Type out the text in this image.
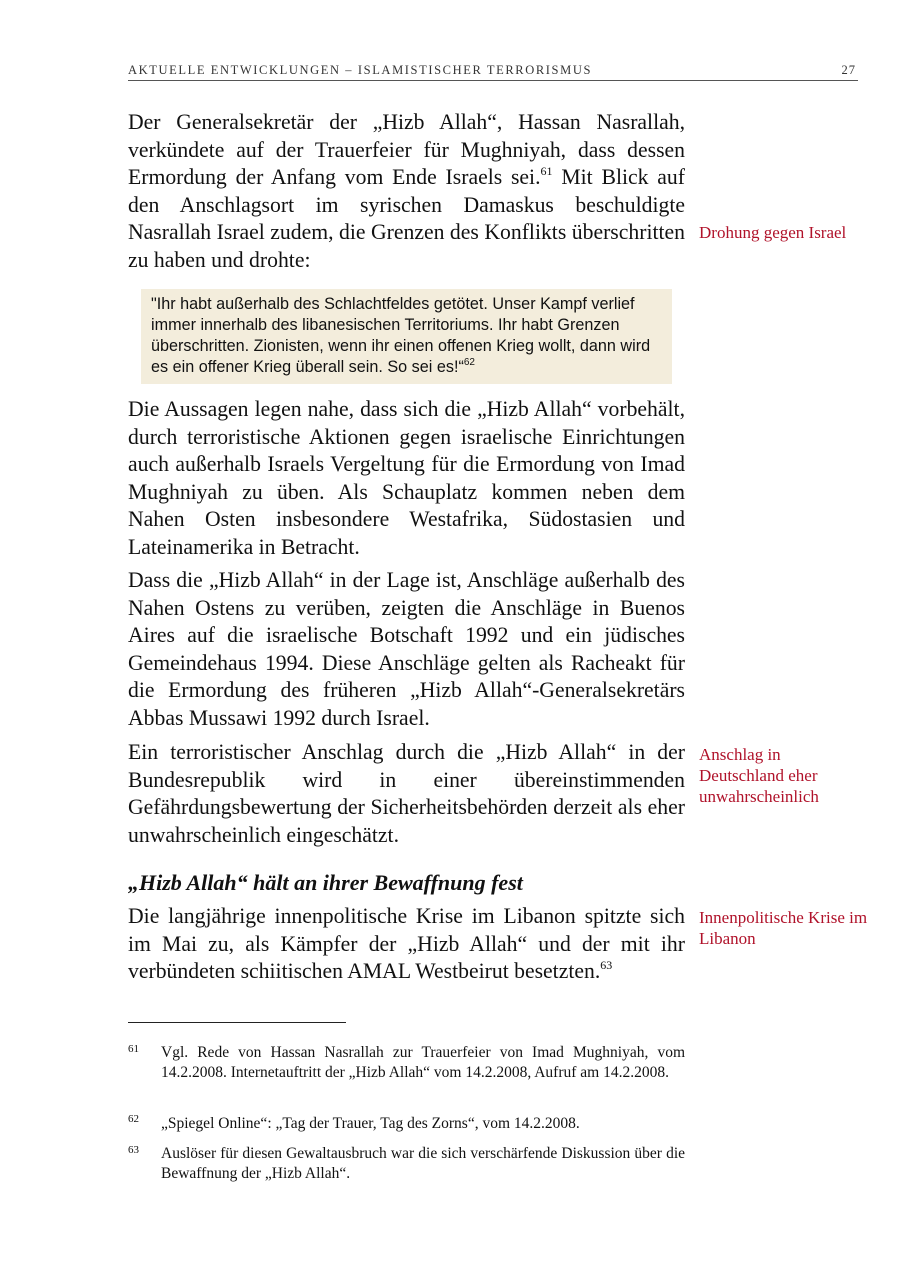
AKTUELLE ENTWICKLUNGEN – ISLAMISTISCHER TERRORISMUS	27

Der Generalsekretär der „Hizb Allah“, Hassan Nasrallah, verkündete auf der Trauerfeier für Mughniyah, dass dessen Ermordung der Anfang vom Ende Israels sei.$^{61}$ Mit Blick auf den Anschlagsort im syrischen Damaskus beschuldigte Nasrallah Israel zudem, die Grenzen des Konflikts überschritten zu haben und drohte:

Drohung gegen Israel
"Ihr habt außerhalb des Schlachtfeldes getötet. Unser Kampf verlief immer innerhalb des libanesischen Territoriums. Ihr habt Grenzen überschritten. Zionisten, wenn ihr einen offenen Krieg wollt, dann wird es ein offener Krieg überall sein. So sei es!“$^{62}$

Die Aussagen legen nahe, dass sich die „Hizb Allah“ vorbehält, durch terroristische Aktionen gegen israelische Einrichtungen auch außerhalb Israels Vergeltung für die Ermordung von Imad Mughniyah zu üben. Als Schauplatz kommen neben dem Nahen Osten insbesondere Westafrika, Südostasien und Lateinamerika in Betracht.

Dass die „Hizb Allah“ in der Lage ist, Anschläge außerhalb des Nahen Ostens zu verüben, zeigten die Anschläge in Buenos Aires auf die israelische Botschaft 1992 und ein jüdisches Gemeindehaus 1994. Diese Anschläge gelten als Racheakt für die Ermordung des früheren „Hizb Allah“-Generalsekretärs Abbas Mussawi 1992 durch Israel.

Ein terroristischer Anschlag durch die „Hizb Allah“ in der Bundesrepublik wird in einer übereinstimmenden Gefährdungsbewertung der Sicherheitsbehörden derzeit als eher unwahrscheinlich eingeschätzt.

Anschlag in Deutschland eher unwahrscheinlich
„Hizb Allah“ hält an ihrer Bewaffnung fest

Die langjährige innenpolitische Krise im Libanon spitzte sich im Mai zu, als Kämpfer der „Hizb Allah“ und der mit ihr verbündeten schiitischen AMAL Westbeirut besetzten.$^{63}$

Innenpolitische Krise im Libanon
61 Vgl. Rede von Hassan Nasrallah zur Trauerfeier von Imad Mughniyah, vom 14.2.2008. Internetauftritt der „Hizb Allah“ vom 14.2.2008, Aufruf am 14.2.2008.

62 „Spiegel Online“: „Tag der Trauer, Tag des Zorns“, vom 14.2.2008.

63 Auslöser für diesen Gewaltausbruch war die sich verschärfende Diskussion über die Bewaffnung der „Hizb Allah“.
